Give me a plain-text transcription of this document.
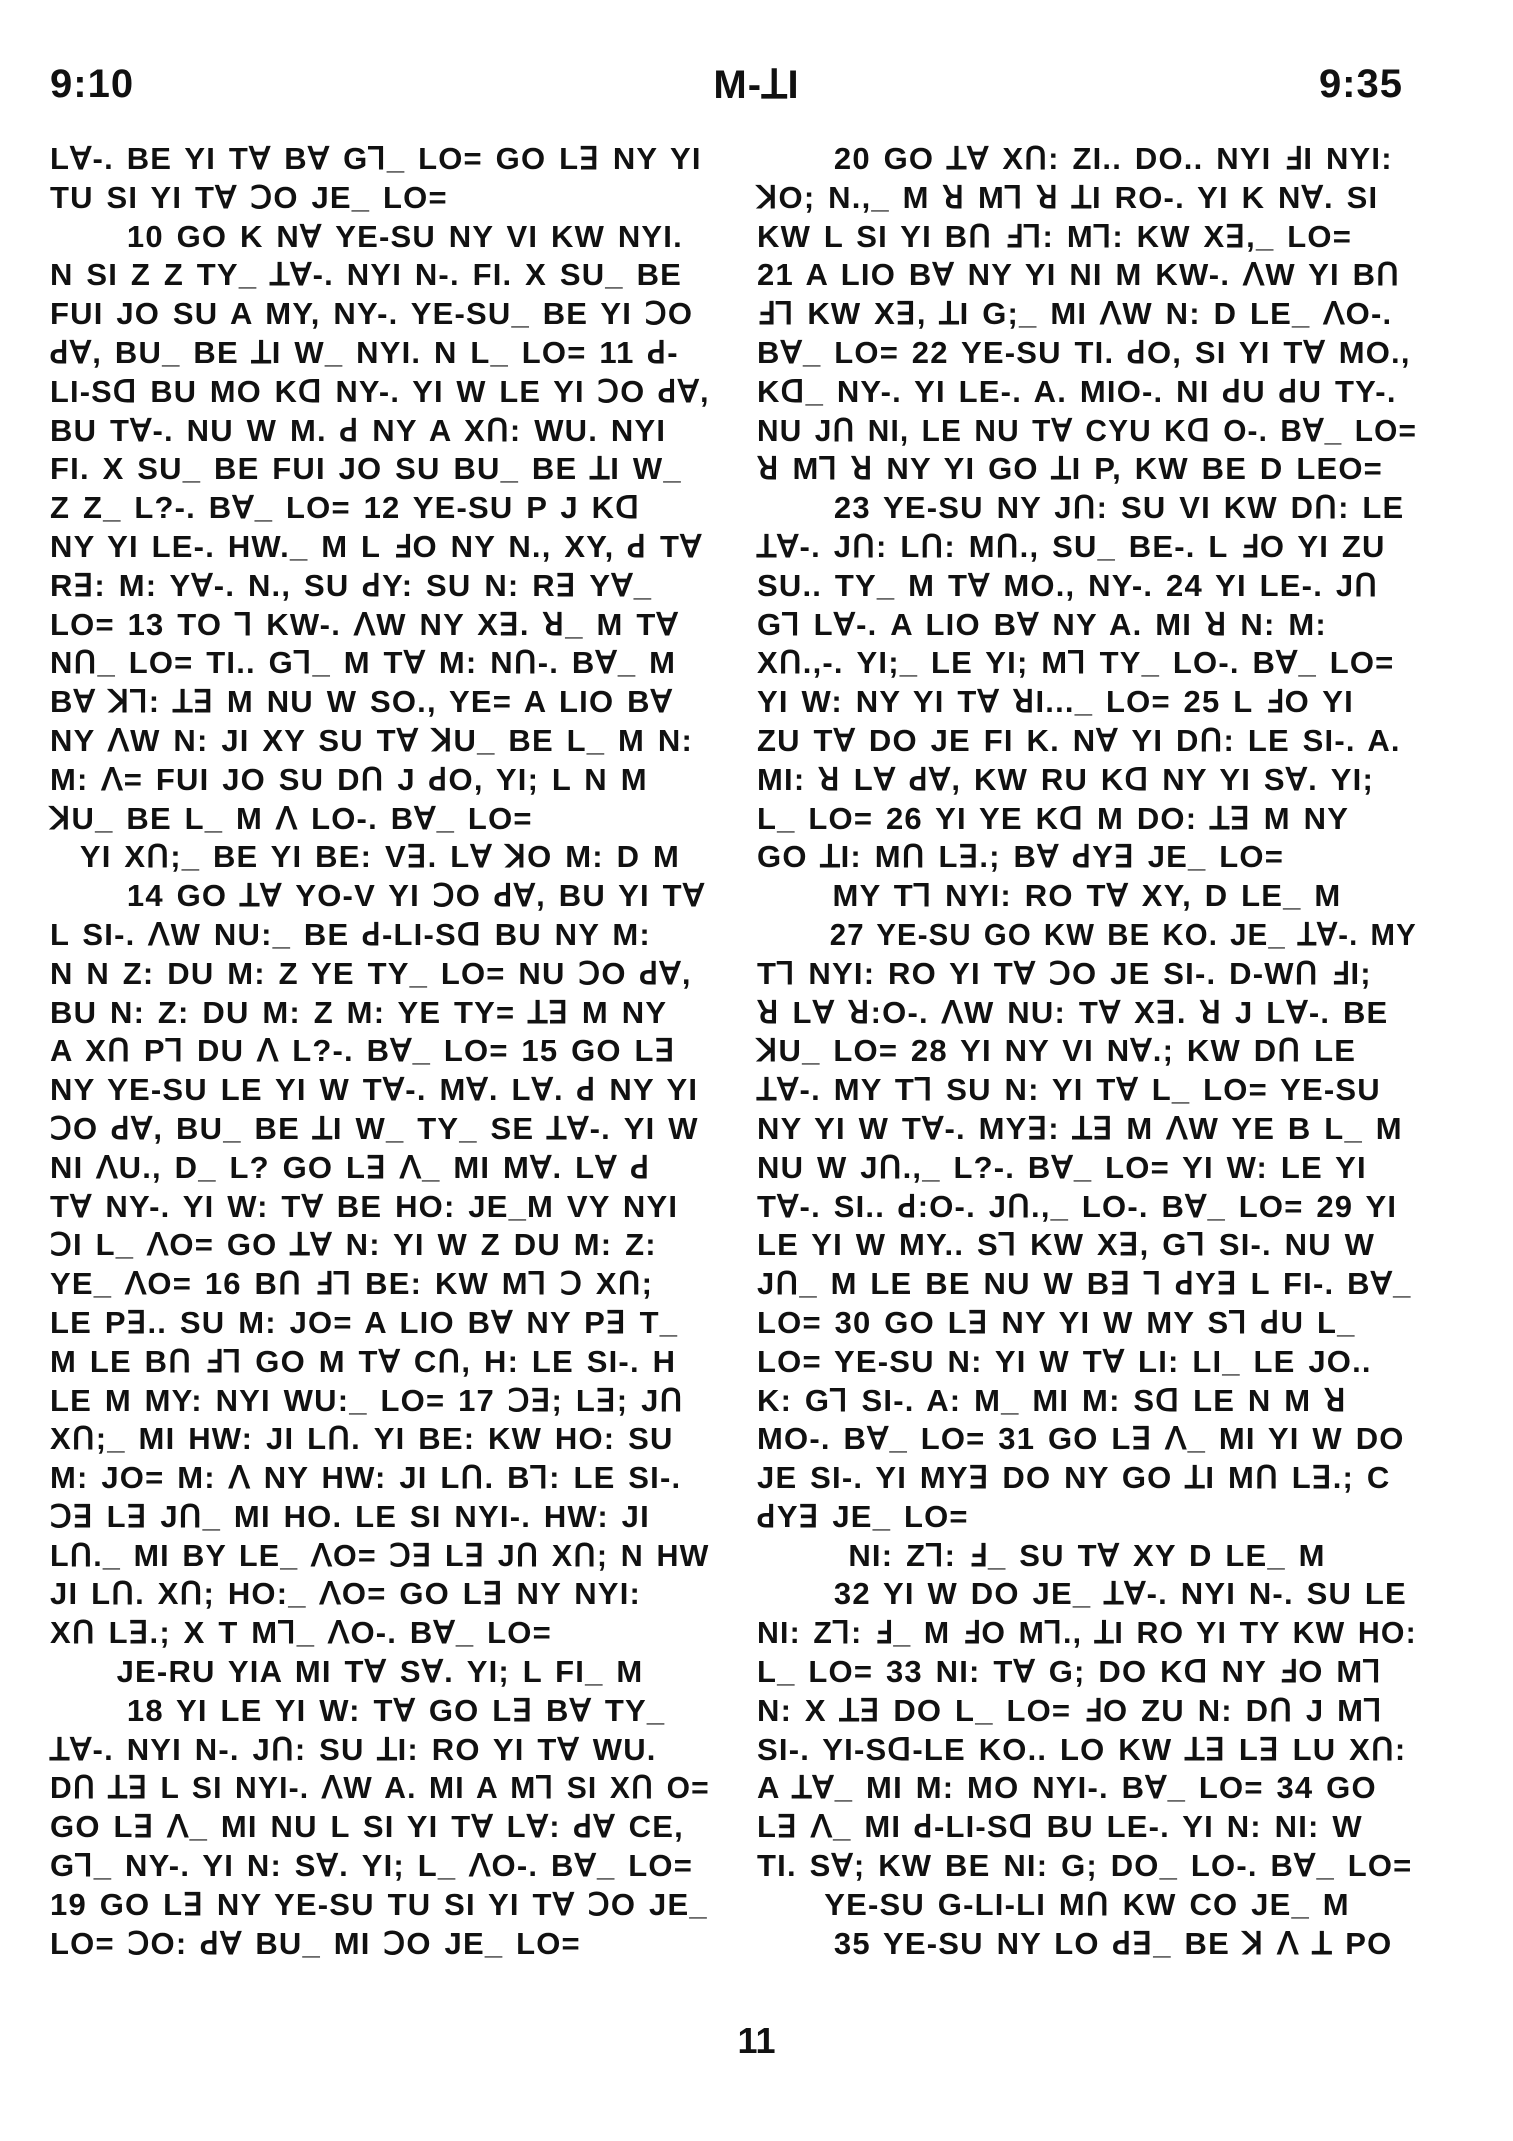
9:10	M-ꓕI	9:35
Lꓯ-. BE YI Tꓯ Bꓯ Gꓶ_ LO= GO Lꓱ NY YI
TU SI YI Tꓯ ꓛO JE_ LO=
10 GO K Nꓯ YE-SU NY VI KW NYI.
N SI Z Z TY_ ꓕꓯ-. NYI N-. FI. X SU_ BE
FUI JO SU A MY, NY-. YE-SU_ BE YI ꓛO
ꓒꓯ, BU_ BE ꓕI W_ NYI. N L_ LO= 11 ꓒ-
LI-Sꓷ BU MO Kꓷ NY-. YI W LE YI ꓛO ꓒꓯ,
BU Tꓯ-. NU W M. ꓒ NY A Xꓵ: WU. NYI
FI. X SU_ BE FUI JO SU BU_ BE ꓕI W_
Z Z_ L?-. Bꓯ_ LO= 12 YE-SU P J Kꓷ
NY YI LE-. HW._ M L ꓞO NY N., XY, ꓒ Tꓯ
Rꓱ: M: Yꓯ-. N., SU ꓒY: SU N: Rꓱ Yꓯ_
LO= 13 TO ꓶ KW-. ꓥW NY Xꓱ. ꓤ_ M Tꓯ
Nꓵ_ LO= TI.. Gꓶ_ M Tꓯ M: Nꓵ-. Bꓯ_ M
Bꓯ ꓘꓶ: ꓕꓱ M NU W SO., YE= A LIO Bꓯ
NY ꓥW N: JI XY SU Tꓯ ꓘU_ BE L_ M N:
M: ꓥ= FUI JO SU Dꓵ J ꓒO, YI; L N M
ꓘU_ BE L_ M ꓥ LO-. Bꓯ_ LO=
YI Xꓵ;_ BE YI BE: Vꓱ. Lꓯ ꓘO M: D M
14 GO ꓕꓯ YO-V YI ꓛO ꓒꓯ, BU YI Tꓯ
L SI-. ꓥW NU:_ BE ꓒ-LI-Sꓷ BU NY M:
N N Z: DU M: Z YE TY_ LO= NU ꓛO ꓒꓯ,
BU N: Z: DU M: Z M: YE TY= ꓕꓱ M NY
A Xꓵ Pꓶ DU ꓥ L?-. Bꓯ_ LO= 15 GO Lꓱ
NY YE-SU LE YI W Tꓯ-. Mꓯ. Lꓯ. ꓒ NY YI
ꓛO ꓒꓯ, BU_ BE ꓕI W_ TY_ SE ꓕꓯ-. YI W
NI ꓥU., D_ L? GO Lꓱ ꓥ_ MI Mꓯ. Lꓯ ꓒ
Tꓯ NY-. YI W: Tꓯ BE HO: JE_M VY NYI
ꓛI L_ ꓥO= GO ꓕꓯ N: YI W Z DU M: Z:
YE_ ꓥO= 16 Bꓵ ꓞꓶ BE: KW Mꓶ ꓛ Xꓵ;
LE Pꓱ.. SU M: JO= A LIO Bꓯ NY Pꓱ T_
M LE Bꓵ ꓞꓶ GO M Tꓯ Cꓵ, H: LE SI-. H
LE M MY: NYI WU:_ LO= 17 ꓛꓱ; Lꓱ; Jꓵ
Xꓵ;_ MI HW: JI Lꓵ. YI BE: KW HO: SU
M: JO= M: ꓥ NY HW: JI Lꓵ. Bꓶ: LE SI-.
ꓛꓱ Lꓱ Jꓵ_ MI HO. LE SI NYI-. HW: JI
Lꓵ._ MI BY LE_ ꓥO= ꓛꓱ Lꓱ Jꓵ Xꓵ; N HW
JI Lꓵ. Xꓵ; HO:_ ꓥO= GO Lꓱ NY NYI:
Xꓵ Lꓱ.; X T Mꓶ_ ꓥO-. Bꓯ_ LO=
JE-RU YIA MI Tꓯ Sꓯ. YI; L FI_ M
18 YI LE YI W: Tꓯ GO Lꓱ Bꓯ TY_
ꓕꓯ-. NYI N-. Jꓵ: SU ꓕI: RO YI Tꓯ WU.
Dꓵ ꓕꓱ L SI NYI-. ꓥW A. MI A Mꓶ SI Xꓵ O=
GO Lꓱ ꓥ_ MI NU L SI YI Tꓯ Lꓯ: ꓒꓯ CE,
Gꓶ_ NY-. YI N: Sꓯ. YI; L_ ꓥO-. Bꓯ_ LO=
19 GO Lꓱ NY YE-SU TU SI YI Tꓯ ꓛO JE_
LO= ꓛO: ꓒꓯ BU_ MI ꓛO JE_ LO=
20 GO ꓕꓯ Xꓵ: ZI.. DO.. NYI ꓞI NYI:
ꓘO; N.,_ M ꓤ Mꓶ ꓤ ꓕI RO-. YI K Nꓯ. SI
KW L SI YI Bꓵ ꓞꓶ: Mꓶ: KW Xꓱ,_ LO=
21 A LIO Bꓯ NY YI NI M KW-. ꓥW YI Bꓵ
ꓞꓶ KW Xꓱ, ꓕI G;_ MI ꓥW N: D LE_ ꓥO-.
Bꓯ_ LO= 22 YE-SU TI. ꓒO, SI YI Tꓯ MO.,
Kꓷ_ NY-. YI LE-. A. MIO-. NI ꓒU ꓒU TY-.
NU Jꓵ NI, LE NU Tꓯ CYU Kꓷ O-. Bꓯ_ LO=
ꓤ Mꓶ ꓤ NY YI GO ꓕI P, KW BE D LEO=
23 YE-SU NY Jꓵ: SU VI KW Dꓵ: LE
ꓕꓯ-. Jꓵ: Lꓵ: Mꓵ., SU_ BE-. L ꓞO YI ZU
SU.. TY_ M Tꓯ MO., NY-. 24 YI LE-. Jꓵ
Gꓶ Lꓯ-. A LIO Bꓯ NY A. MI ꓤ N: M:
Xꓵ.,-. YI;_ LE YI; Mꓶ TY_ LO-. Bꓯ_ LO=
YI W: NY YI Tꓯ ꓤI..._ LO= 25 L ꓞO YI
ZU Tꓯ DO JE FI K. Nꓯ YI Dꓵ: LE SI-. A.
MI: ꓤ Lꓯ ꓒꓯ, KW RU Kꓷ NY YI Sꓯ. YI;
L_ LO= 26 YI YE Kꓷ M DO: ꓕꓱ M NY
GO ꓕI: Mꓵ Lꓱ.; Bꓯ ꓒYꓱ JE_ LO=
MY Tꓶ NYI: RO Tꓯ XY, D LE_ M
27 YE-SU GO KW BE KO. JE_ ꓕꓯ-. MY
Tꓶ NYI: RO YI Tꓯ ꓛO JE SI-. D-Wꓵ ꓞI;
ꓤ Lꓯ ꓤ:O-. ꓥW NU: Tꓯ Xꓱ. ꓤ J Lꓯ-. BE
ꓘU_ LO= 28 YI NY VI Nꓯ.; KW Dꓵ LE
ꓕꓯ-. MY Tꓶ SU N: YI Tꓯ L_ LO= YE-SU
NY YI W Tꓯ-. MYꓱ: ꓕꓱ M ꓥW YE B L_ M
NU W Jꓵ.,_ L?-. Bꓯ_ LO= YI W: LE YI
Tꓯ-. SI.. ꓒ:O-. Jꓵ.,_ LO-. Bꓯ_ LO= 29 YI
LE YI W MY.. Sꓶ KW Xꓱ, Gꓶ SI-. NU W
Jꓵ_ M LE BE NU W Bꓱ ꓶ ꓒYꓱ L FI-. Bꓯ_
LO= 30 GO Lꓱ NY YI W MY Sꓶ ꓒU L_
LO= YE-SU N: YI W Tꓯ LI: LI_ LE JO..
K: Gꓶ SI-. A: M_ MI M: Sꓷ LE N M ꓤ
MO-. Bꓯ_ LO= 31 GO Lꓱ ꓥ_ MI YI W DO
JE SI-. YI MYꓱ DO NY GO ꓕI Mꓵ Lꓱ.; C
ꓒYꓱ JE_ LO=
NI: Zꓶ: ꓞ_ SU Tꓯ XY D LE_ M
32 YI W DO JE_ ꓕꓯ-. NYI N-. SU LE
NI: Zꓶ: ꓞ_ M ꓞO Mꓶ., ꓕI RO YI TY KW HO:
L_ LO= 33 NI: Tꓯ G; DO Kꓷ NY ꓞO Mꓶ
N: X ꓕꓱ DO L_ LO= ꓞO ZU N: Dꓵ J Mꓶ
SI-. YI-Sꓷ-LE KO.. LO KW ꓕꓱ Lꓱ LU Xꓵ:
A ꓕꓯ_ MI M: MO NYI-. Bꓯ_ LO= 34 GO
Lꓱ ꓥ_ MI ꓒ-LI-Sꓷ BU LE-. YI N: NI: W
TI. Sꓯ; KW BE NI: G; DO_ LO-. Bꓯ_ LO=
YE-SU G-LI-LI Mꓵ KW CO JE_ M
35 YE-SU NY LO ꓒꓱ_ BE ꓘ ꓥ ꓕ PO
11
